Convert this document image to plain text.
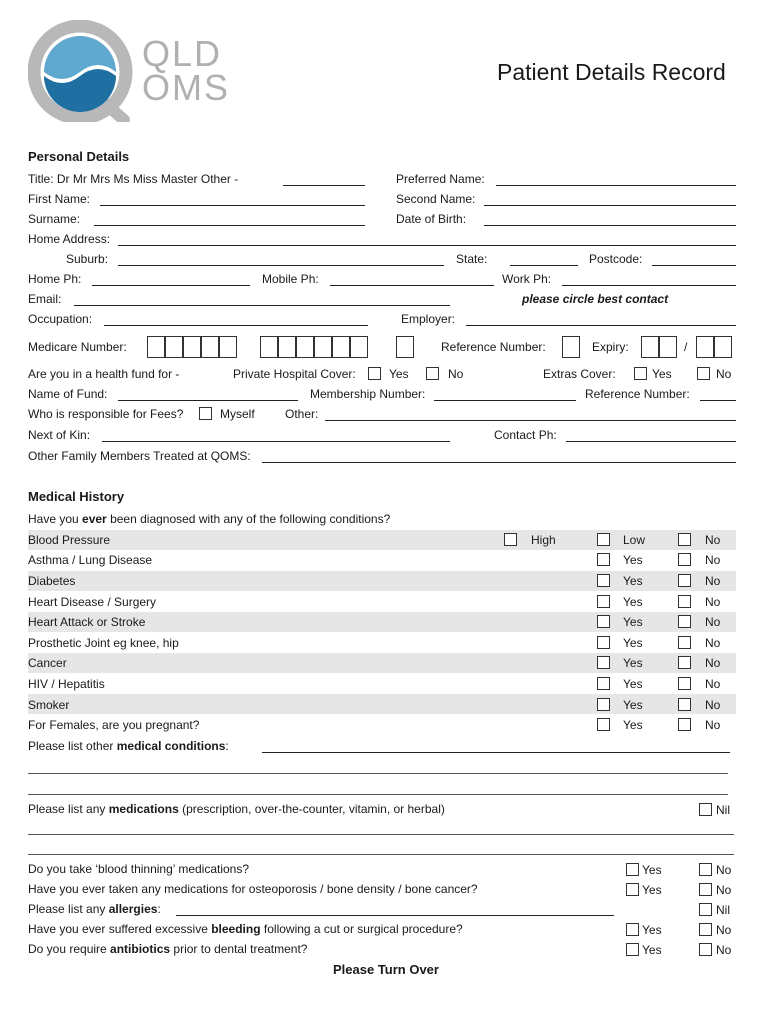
QLD
OMS	Patient Details Record
Personal Details
Title: Dr Mr Mrs Ms Miss Master Other -	Preferred Name:
First Name:	Second Name:
Surname:	Date of Birth:
Home Address:
Suburb:	State:	Postcode:
Home Ph:	Mobile Ph:	Work Ph:
Email:	please circle best contact
Occupation:	Employer:
Medicare Number:	Reference Number:	Expiry:	/
Are you in a health fund for -	Private Hospital Cover:	Yes	No	Extras Cover:	Yes	No
Name of Fund:	Membership Number:	Reference Number:
Who is responsible for Fees?	Myself	Other:
Next of Kin:	Contact Ph:
Other Family Members Treated at QOMS:
Medical History
Have you ever been diagnosed with any of the following conditions?
Blood Pressure	High	Low	No
Asthma / Lung Disease	Yes	No
Diabetes	Yes	No
Heart Disease / Surgery	Yes	No
Heart Attack or Stroke	Yes	No
Prosthetic Joint eg knee, hip	Yes	No
Cancer	Yes	No
HIV / Hepatitis	Yes	No
Smoker	Yes	No
For Females, are you pregnant?	Yes	No
Please list other medical conditions:
Please list any medications (prescription, over-the-counter, vitamin, or herbal)	Nil
Do you take ‘blood thinning’ medications?	Yes	No
Have you ever taken any medications for osteoporosis / bone density / bone cancer?	Yes	No
Please list any allergies:	Nil
Have you ever suffered excessive bleeding following a cut or surgical procedure?	Yes	No
Do you require antibiotics prior to dental treatment?	Yes	No
Please Turn Over
